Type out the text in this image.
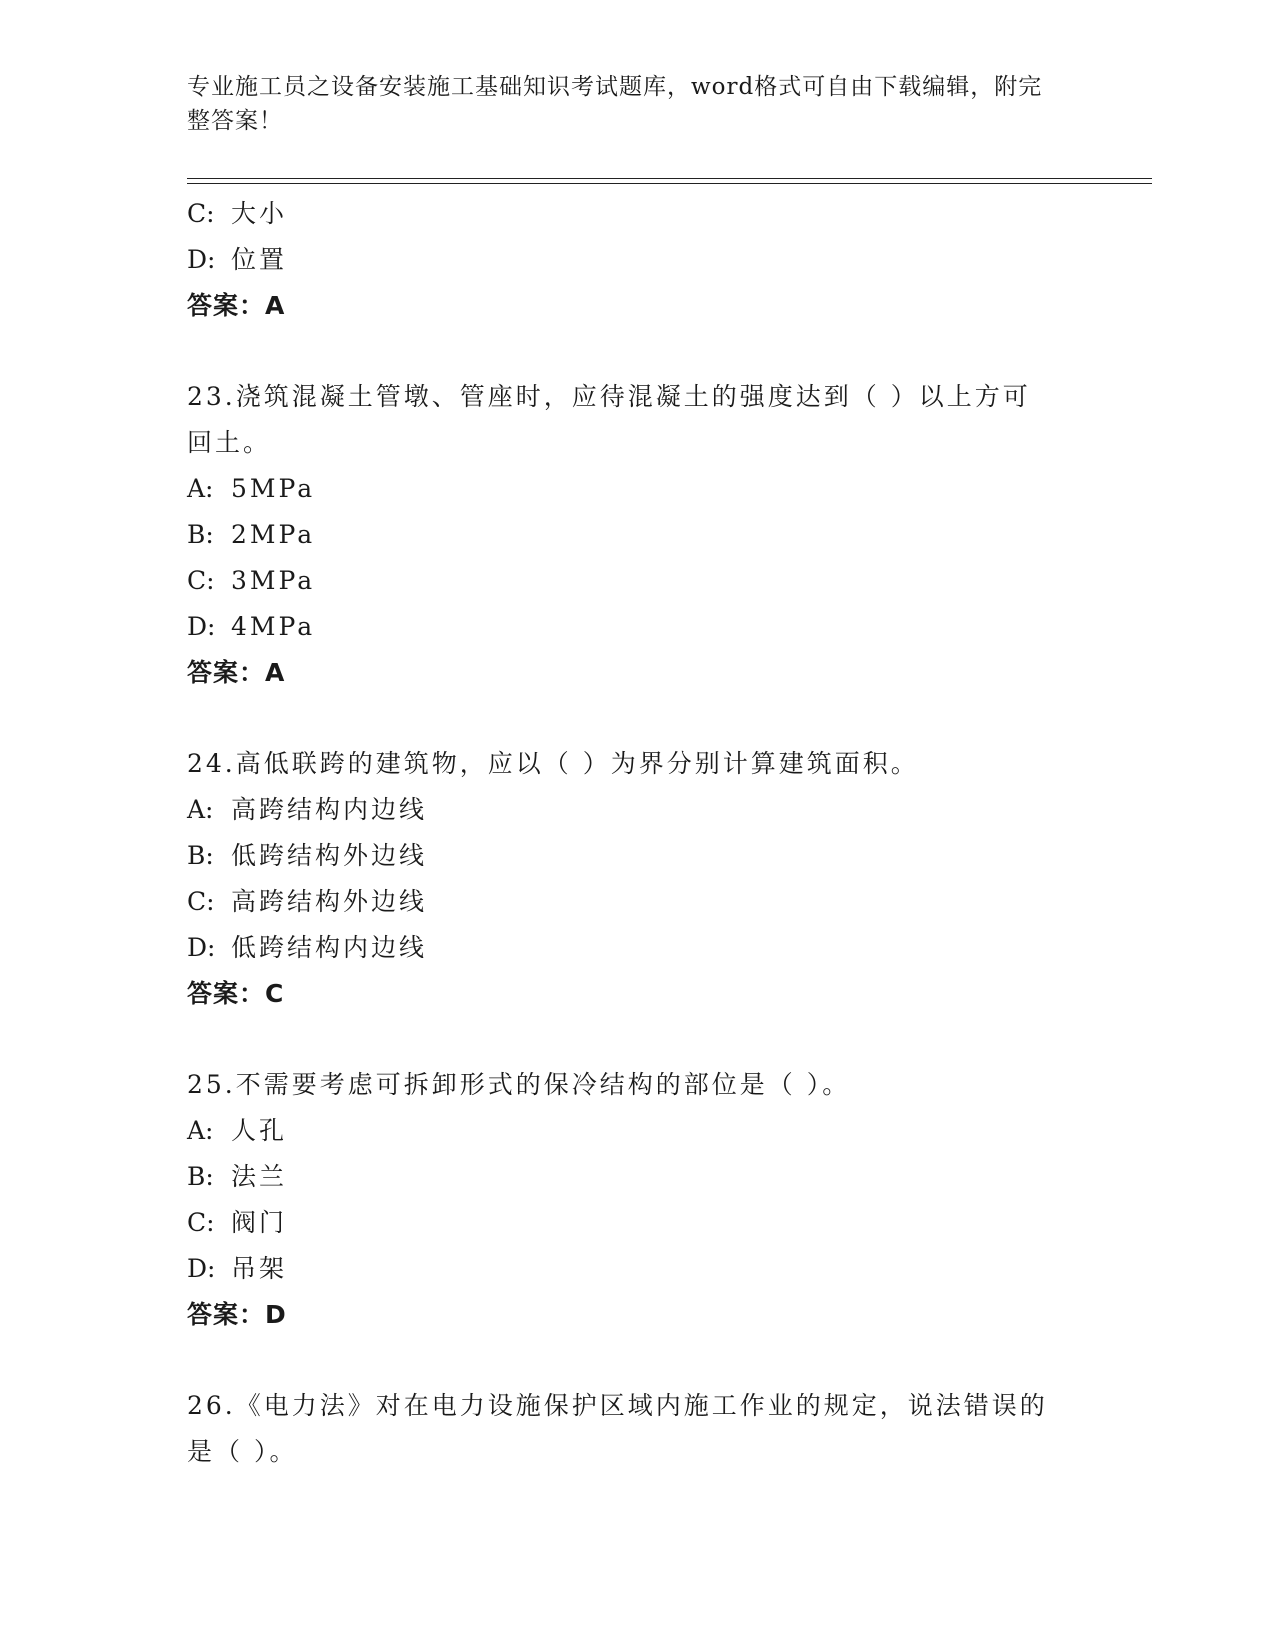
专业施工员之设备安装施工基础知识考试题库，word格式可自由下载编辑，附完
整答案！
C: 大小
D: 位置
答案：A
23.浇筑混凝土管墩、管座时，应待混凝土的强度达到（ ）以上方可
回土。
A: 5MPa
B: 2MPa
C: 3MPa
D: 4MPa
答案：A
24.高低联跨的建筑物，应以（ ）为界分别计算建筑面积。
A: 高跨结构内边线
B: 低跨结构外边线
C: 高跨结构外边线
D: 低跨结构内边线
答案：C
25.不需要考虑可拆卸形式的保冷结构的部位是（ ）。
A: 人孔
B: 法兰
C: 阀门
D: 吊架
答案：D
26.《电力法》对在电力设施保护区域内施工作业的规定，说法错误的
是（ ）。
